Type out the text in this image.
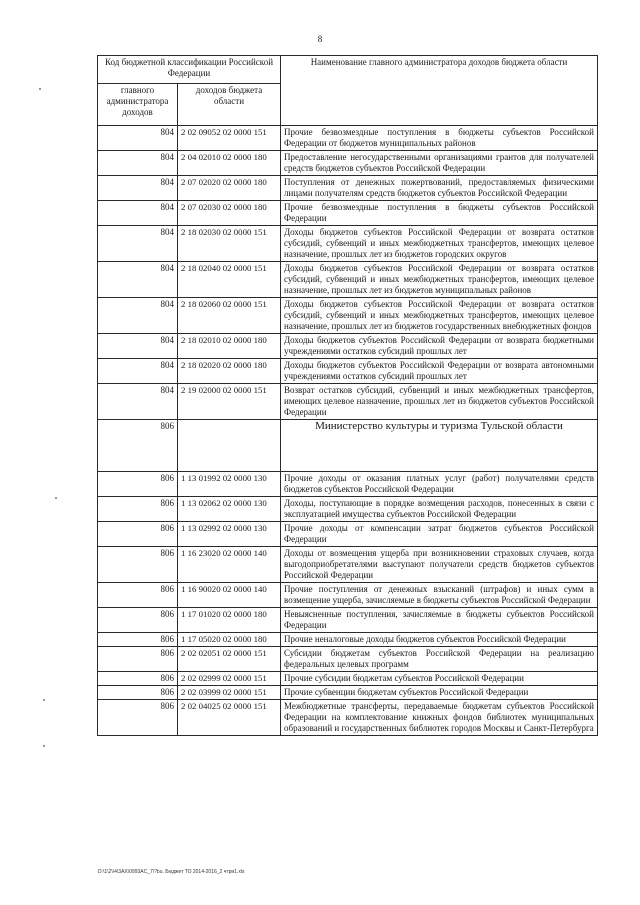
8
Код бюджетной классификации Российской Федерации		Наименование главного администратора доходов бюджета области
главного администратора доходов	доходов бюджета области	
804	2 02 09052 02 0000 151	Прочие безвозмездные поступления в бюджеты субъектов Российской Федерации от бюджетов муниципальных районов
804	2 04 02010 02 0000 180	Предоставление негосударственными организациями грантов для получателей средств бюджетов субъектов Российской Федерации
804	2 07 02020 02 0000 180	Поступления от денежных пожертвований, предоставляемых физическими лицами получателям средств бюджетов субъектов Российской Федерации
804	2 07 02030 02 0000 180	Прочие безвозмездные поступления в бюджеты субъектов Российской Федерации
804	2 18 02030 02 0000 151	Доходы бюджетов субъектов Российской Федерации от возврата остатков субсидий, субвенций и иных межбюджетных трансфертов, имеющих целевое назначение, прошлых лет из бюджетов городских округов
804	2 18 02040 02 0000 151	Доходы бюджетов субъектов Российской Федерации от возврата остатков субсидий, субвенций и иных межбюджетных трансфертов, имеющих целевое назначение, прошлых лет из бюджетов муниципальных районов
804	2 18 02060 02 0000 151	Доходы бюджетов субъектов Российской Федерации от возврата остатков субсидий, субвенций и иных межбюджетных трансфертов, имеющих целевое назначение, прошлых лет из бюджетов государственных внебюджетных фондов
804	2 18 02010 02 0000 180	Доходы бюджетов субъектов Российской Федерации от возврата бюджетными учреждениями остатков субсидий прошлых лет
804	2 18 02020 02 0000 180	Доходы бюджетов субъектов Российской Федерации от возврата автономными учреждениями остатков субсидий прошлых лет
804	2 19 02000 02 0000 151	Возврат остатков субсидий, субвенций и иных межбюджетных трансфертов, имеющих целевое назначение, прошлых лет из бюджетов субъектов Российской Федерации
806		Министерство культуры и туризма Тульской области
806	1 13 01992 02 0000 130	Прочие доходы от оказания платных услуг (работ) получателями средств бюджетов субъектов Российской Федерации
806	1 13 02062 02 0000 130	Доходы, поступающие в порядке возмещения расходов, понесенных в связи с эксплуатацией имущества субъектов Российской Федерации
806	1 13 02992 02 0000 130	Прочие доходы от компенсации затрат бюджетов субъектов Российской Федерации
806	1 16 23020 02 0000 140	Доходы от возмещения ущерба при возникновении страховых случаев, когда выгодоприобретателями выступают получатели средств бюджетов субъектов Российской Федерации
806	1 16 90020 02 0000 140	Прочие поступления от денежных взысканий (штрафов) и иных сумм в возмещение ущерба, зачисляемые в бюджеты субъектов Российской Федерации
806	1 17 01020 02 0000 180	Невыясненные поступления, зачисляемые в бюджеты субъектов Российской Федерации
806	1 17 05020 02 0000 180	Прочие неналоговые доходы бюджетов субъектов Российской Федерации
806	2 02 02051 02 0000 151	Субсидии бюджетам субъектов Российской Федерации на реализацию федеральных целевых программ
806	2 02 02999 02 0000 151	Прочие субсидии бюджетам субъектов Российской Федерации
806	2 02 03999 02 0000 151	Прочие субвенции бюджетам субъектов Российской Федерации
806	2 02 04025 02 0000 151	Межбюджетные трансферты, передаваемые бюджетам субъектов Российской Федерации на комплектование книжных фондов библиотек муниципальных образований и государственных библиотек городов Москвы и Санкт-Петербурга
D:\1\2\\4\3AX\0993AC_7\?bu. Бюджет ТО 2014-2016_2 чтри1.xls
